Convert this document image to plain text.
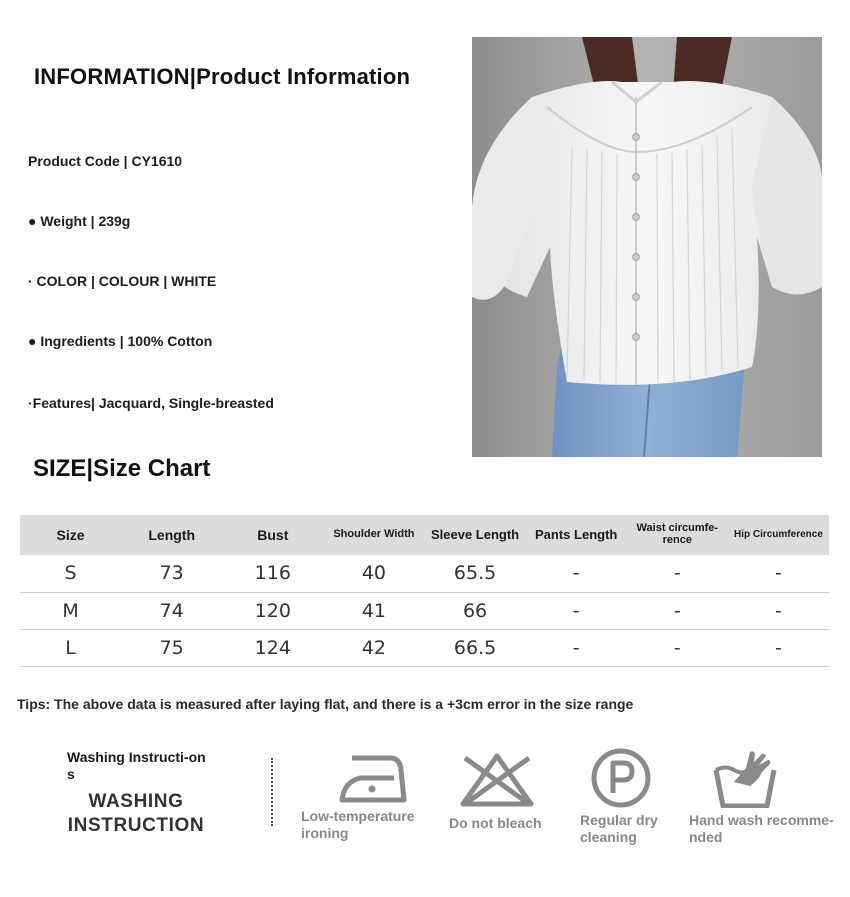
INFORMATION|Product Information
Product Code | CY1610
● Weight | 239g
· COLOR | COLOUR | WHITE
● Ingredients | 100% Cotton
·Features| Jacquard, Single-breasted
SIZE|Size Chart
Size	Length	Bust	Shoulder Width	Sleeve Length	Pants Length	Waist circumfe-rence	Hip Circumference
S	73	116	40	65.5	-	-	-
M	74	120	41	66	-	-	-
L	75	124	42	66.5	-	-	-
Tips: The above data is measured after laying flat, and there is a +3cm error in the size range
Washing Instructi-ons
WASHING
INSTRUCTION	Low-temperature
ironing
Do not bleach	Regular dry
cleaning
Hand wash recomme-
nded
